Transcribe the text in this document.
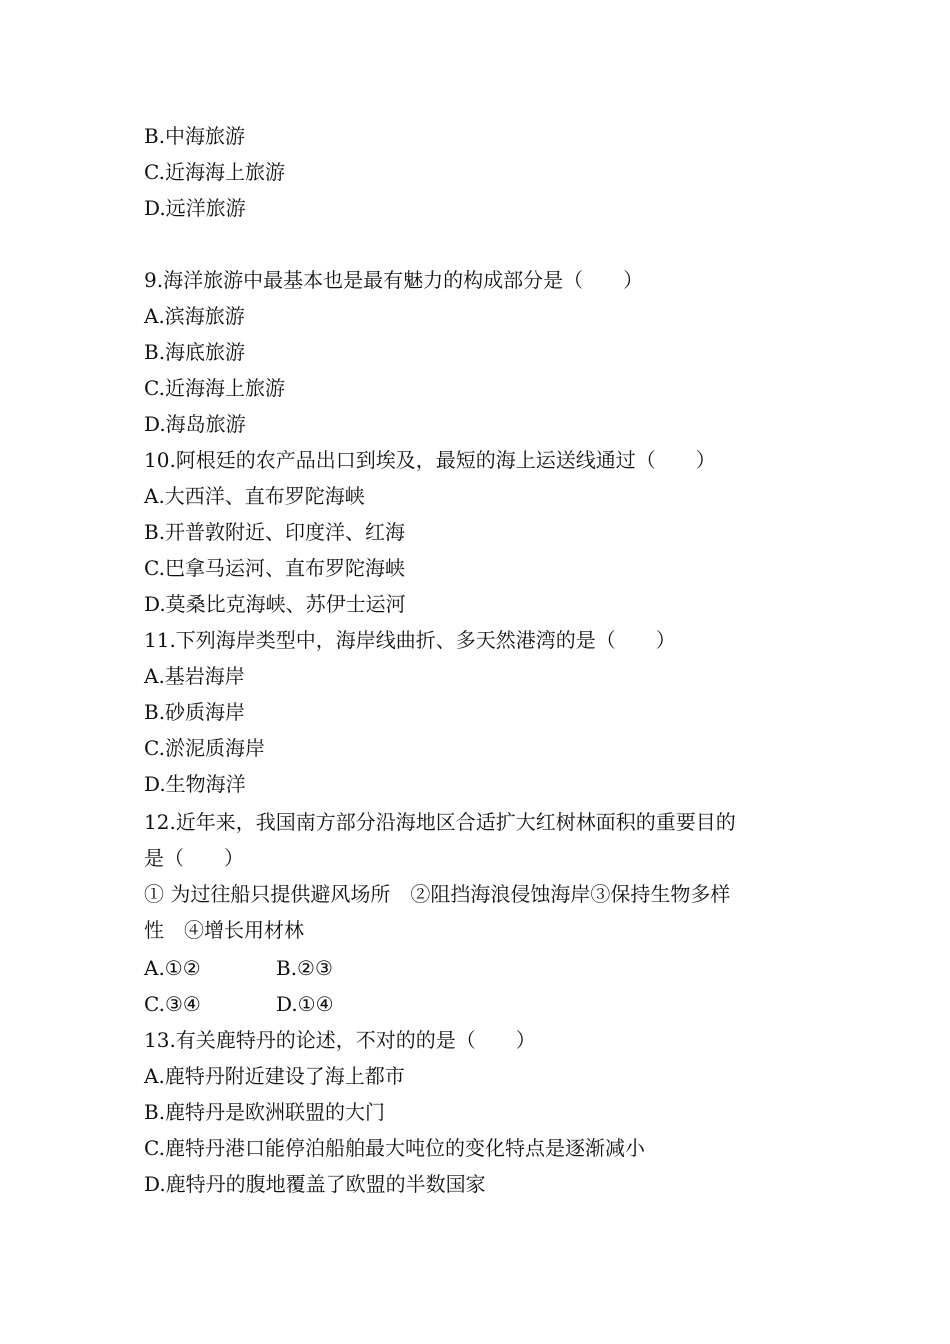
B.中海旅游
C.近海海上旅游
D.远洋旅游
9.海洋旅游中最基本也是最有魅力的构成部分是（　　）
A.滨海旅游
B.海底旅游
C.近海海上旅游
D.海岛旅游
10.阿根廷的农产品出口到埃及，最短的海上运送线通过（　　）
A.大西洋、直布罗陀海峡
B.开普敦附近、印度洋、红海
C.巴拿马运河、直布罗陀海峡
D.莫桑比克海峡、苏伊士运河
11.下列海岸类型中，海岸线曲折、多天然港湾的是（　　）
A.基岩海岸
B.砂质海岸
C.淤泥质海岸
D.生物海洋
12.近年来，我国南方部分沿海地区合适扩大红树林面积的重要目的
是（　　）
① 为过往船只提供避风场所　②阻挡海浪侵蚀海岸③保持生物多样
性　④增长用材林
A.①②	B.②③
C.③④	D.①④
13.有关鹿特丹的论述，不对的的是（　　）
A.鹿特丹附近建设了海上都市
B.鹿特丹是欧洲联盟的大门
C.鹿特丹港口能停泊船舶最大吨位的变化特点是逐渐减小
D.鹿特丹的腹地覆盖了欧盟的半数国家
